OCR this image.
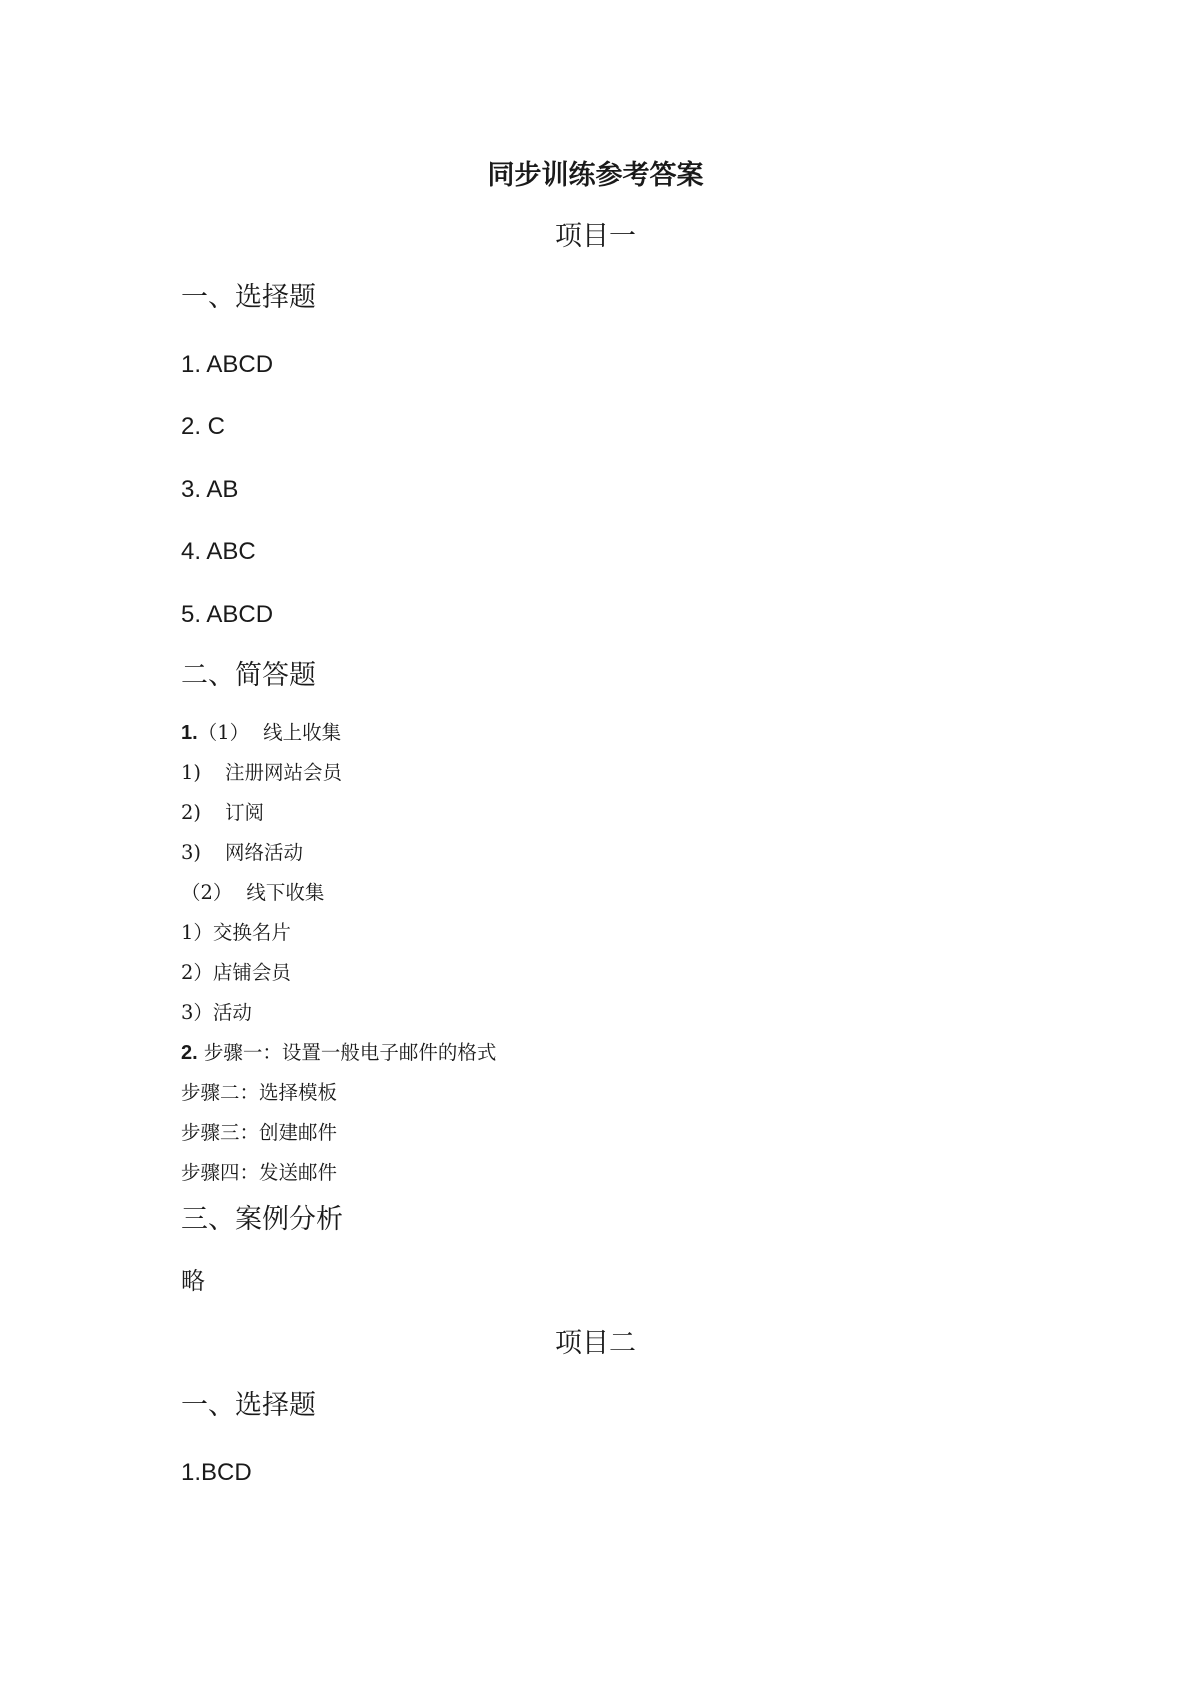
同步训练参考答案
项目一
一、选择题
1. ABCD
2. C
3. AB
4. ABC
5. ABCD
二、简答题
1.（1） 线上收集
1) 注册网站会员
2) 订阅
3) 网络活动
（2） 线下收集
1）交换名片
2）店铺会员
3）活动
2. 步骤一：设置一般电子邮件的格式
步骤二：选择模板
步骤三：创建邮件
步骤四：发送邮件
三、案例分析
略
项目二
一、选择题
1.BCD
